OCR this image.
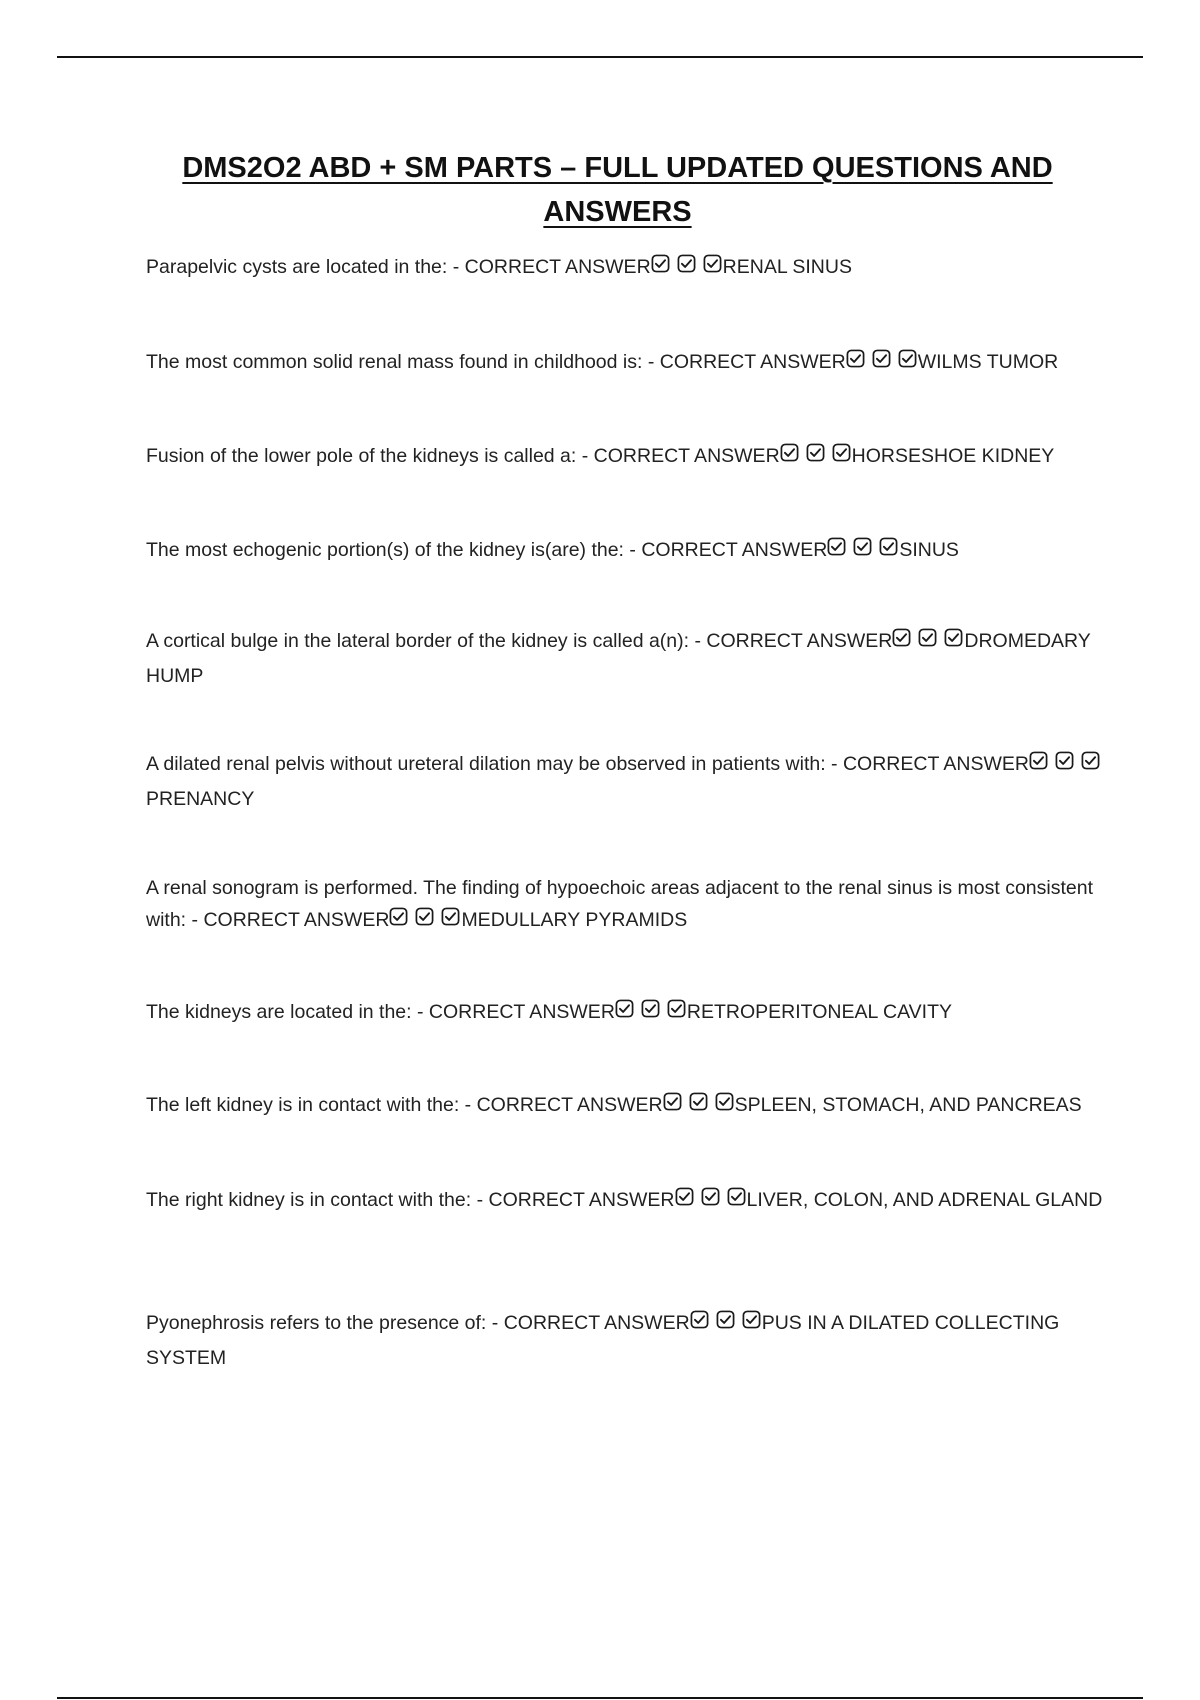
DMS2O2 ABD + SM PARTS – FULL UPDATED QUESTIONS AND ANSWERS
Parapelvic cysts are located in the: - CORRECT ANSWER	RENAL SINUS
The most common solid renal mass found in childhood is: - CORRECT ANSWER	WILMS TUMOR
Fusion of the lower pole of the kidneys is called a: - CORRECT ANSWER	HORSESHOE KIDNEY
The most echogenic portion(s) of the kidney is(are) the: - CORRECT ANSWER	SINUS
A cortical bulge in the lateral border of the kidney is called a(n): - CORRECT ANSWER	DROMEDARY HUMP
A dilated renal pelvis without ureteral dilation may be observed in patients with: - CORRECT ANSWER
PRENANCY
A renal sonogram is performed. The finding of hypoechoic areas adjacent to the renal sinus is most consistent with: - CORRECT ANSWER	MEDULLARY PYRAMIDS
The kidneys are located in the: - CORRECT ANSWER	RETROPERITONEAL CAVITY
The left kidney is in contact with the: - CORRECT ANSWER	SPLEEN, STOMACH, AND PANCREAS
The right kidney is in contact with the: - CORRECT ANSWER	LIVER, COLON, AND ADRENAL GLAND
Pyonephrosis refers to the presence of: - CORRECT ANSWER	PUS IN A DILATED COLLECTING SYSTEM
